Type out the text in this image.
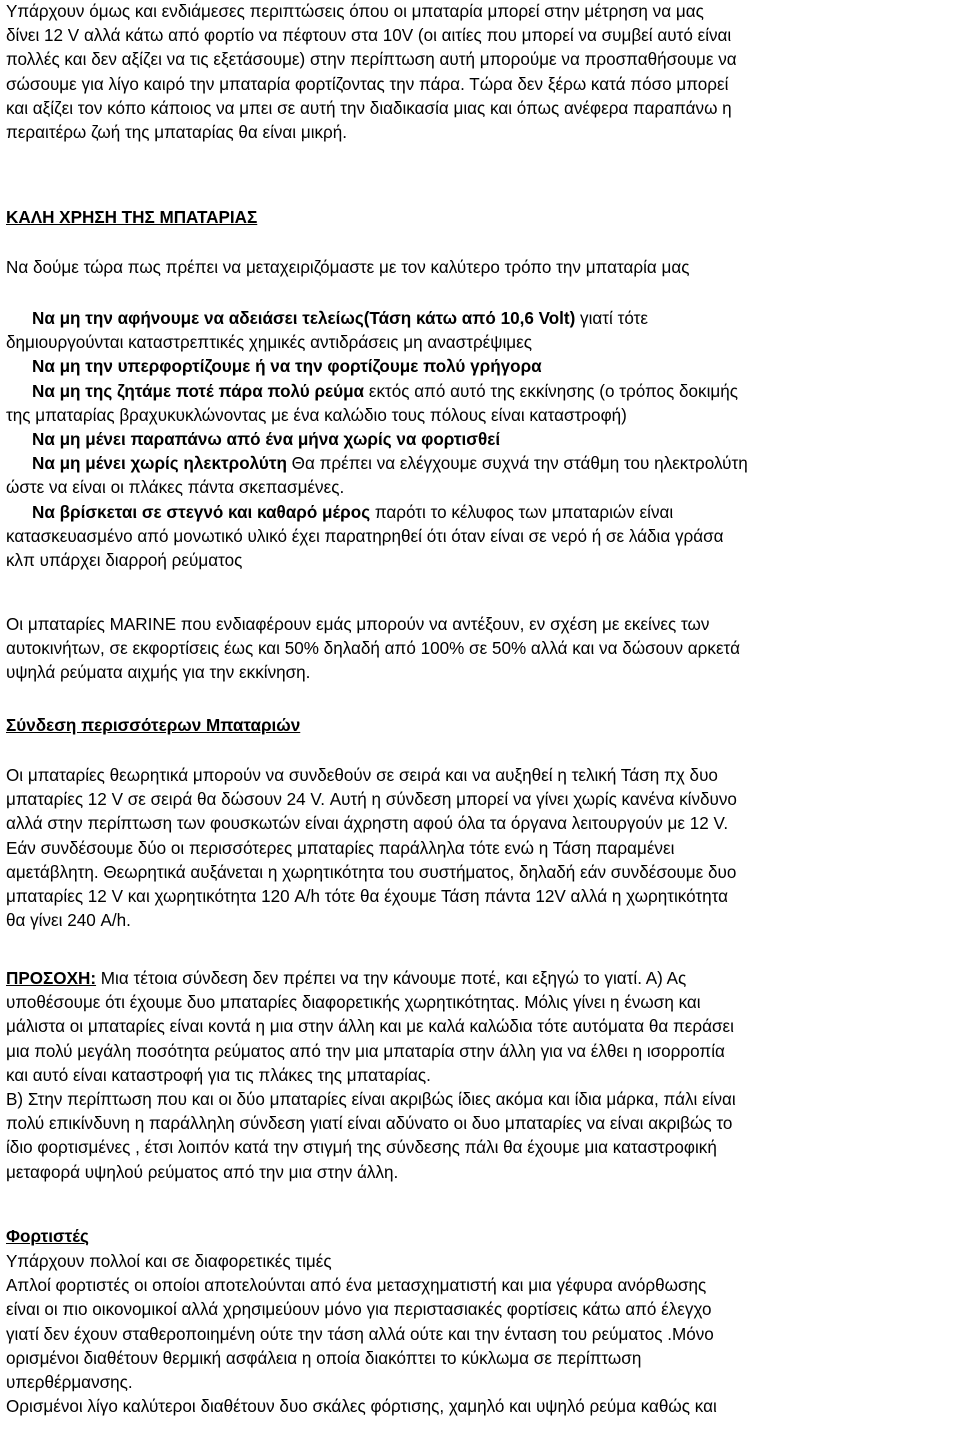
Υπάρχουν όμως και ενδιάμεσες περιπτώσεις όπου οι μπαταρία μπορεί στην μέτρηση να μας
δίνει 12 V αλλά κάτω από φορτίο να πέφτουν στα 10V (οι αιτίες που μπορεί να συμβεί αυτό είναι
πολλές και δεν αξίζει να τις εξετάσουμε) στην περίπτωση αυτή μπορούμε να προσπαθήσουμε να
σώσουμε για λίγο καιρό την μπαταρία φορτίζοντας την πάρα. Τώρα δεν ξέρω κατά πόσο μπορεί
και αξίζει τον κόπο κάποιος να μπει σε αυτή την διαδικασία μιας και όπως ανέφερα παραπάνω η
περαιτέρω ζωή της μπαταρίας θα είναι μικρή.
ΚΑΛΗ ΧΡΗΣΗ ΤΗΣ ΜΠΑΤΑΡΙΑΣ
Να δούμε τώρα πως πρέπει να μεταχειριζόμαστε με τον καλύτερο τρόπο την μπαταρία μας
Να μη την αφήνουμε να αδειάσει τελείως(Τάση κάτω από 10,6 Volt) γιατί τότε
δημιουργούνται καταστρεπτικές χημικές αντιδράσεις μη αναστρέψιμες
Να μη την υπερφορτίζουμε ή να την φορτίζουμε πολύ γρήγορα
Να μη της ζητάμε ποτέ πάρα πολύ ρεύμα εκτός από αυτό της εκκίνησης (ο τρόπος δοκιμής
της μπαταρίας βραχυκυκλώνοντας με ένα καλώδιο τους πόλους είναι καταστροφή)
Να μη μένει παραπάνω από ένα μήνα χωρίς να φορτισθεί
Να μη μένει χωρίς ηλεκτρολύτη Θα πρέπει να ελέγχουμε συχνά την στάθμη του ηλεκτρολύτη
ώστε να είναι οι πλάκες πάντα σκεπασμένες.
Να βρίσκεται σε στεγνό και καθαρό μέρος παρότι το κέλυφος των μπαταριών είναι
κατασκευασμένο από μονωτικό υλικό έχει παρατηρηθεί ότι όταν είναι σε νερό ή σε λάδια γράσα
κλπ υπάρχει διαρροή ρεύματος
Οι μπαταρίες MARINE που ενδιαφέρουν εμάς μπορούν να αντέξουν, εν σχέση με εκείνες των
αυτοκινήτων, σε εκφορτίσεις έως και 50% δηλαδή από 100% σε 50% αλλά και να δώσουν αρκετά
υψηλά ρεύματα αιχμής για την εκκίνηση.
Σύνδεση περισσότερων Μπαταριών
Οι μπαταρίες θεωρητικά μπορούν να συνδεθούν σε σειρά και να αυξηθεί η τελική Τάση πχ δυο
μπαταρίες 12 V σε σειρά θα δώσουν 24 V. Αυτή η σύνδεση μπορεί να γίνει χωρίς κανένα κίνδυνο
αλλά στην περίπτωση των φουσκωτών είναι άχρηστη αφού όλα τα όργανα λειτουργούν με 12 V.
Εάν συνδέσουμε δύο οι περισσότερες μπαταρίες παράλληλα τότε ενώ η Τάση παραμένει
αμετάβλητη. Θεωρητικά αυξάνεται η χωρητικότητα του συστήματος, δηλαδή εάν συνδέσουμε δυο
μπαταρίες 12 V και χωρητικότητα 120 A/h τότε θα έχουμε Τάση πάντα 12V αλλά η χωρητικότητα
θα γίνει 240 A/h.
ΠΡΟΣΟΧΗ: Μια τέτοια σύνδεση δεν πρέπει να την κάνουμε ποτέ, και εξηγώ το γιατί. Α) Ας
υποθέσουμε ότι έχουμε δυο μπαταρίες διαφορετικής χωρητικότητας. Μόλις γίνει η ένωση και
μάλιστα οι μπαταρίες είναι κοντά η μια στην άλλη και με καλά καλώδια τότε αυτόματα θα περάσει
μια πολύ μεγάλη ποσότητα ρεύματος από την μια μπαταρία στην άλλη για να έλθει η ισορροπία
και αυτό είναι καταστροφή για τις πλάκες της μπαταρίας.
Β) Στην περίπτωση που και οι δύο μπαταρίες είναι ακριβώς ίδιες ακόμα και ίδια μάρκα, πάλι είναι
πολύ επικίνδυνη η παράλληλη σύνδεση γιατί είναι αδύνατο οι δυο μπαταρίες να είναι ακριβώς το
ίδιο φορτισμένες , έτσι λοιπόν κατά την στιγμή της σύνδεσης πάλι θα έχουμε μια καταστροφική
μεταφορά υψηλού ρεύματος από την μια στην άλλη.
Φορτιστές
Υπάρχουν πολλοί και σε διαφορετικές τιμές
Απλοί φορτιστές οι οποίοι αποτελούνται από ένα μετασχηματιστή και μια γέφυρα ανόρθωσης
είναι οι πιο οικονομικοί αλλά χρησιμεύουν μόνο για περιστασιακές φορτίσεις κάτω από έλεγχο
γιατί δεν έχουν σταθεροποιημένη ούτε την τάση αλλά ούτε και την ένταση του ρεύματος .Μόνο
ορισμένοι διαθέτουν θερμική ασφάλεια η οποία διακόπτει το κύκλωμα σε περίπτωση
υπερθέρμανσης.
Ορισμένοι λίγο καλύτεροι διαθέτουν δυο σκάλες φόρτισης, χαμηλό και υψηλό ρεύμα καθώς και
